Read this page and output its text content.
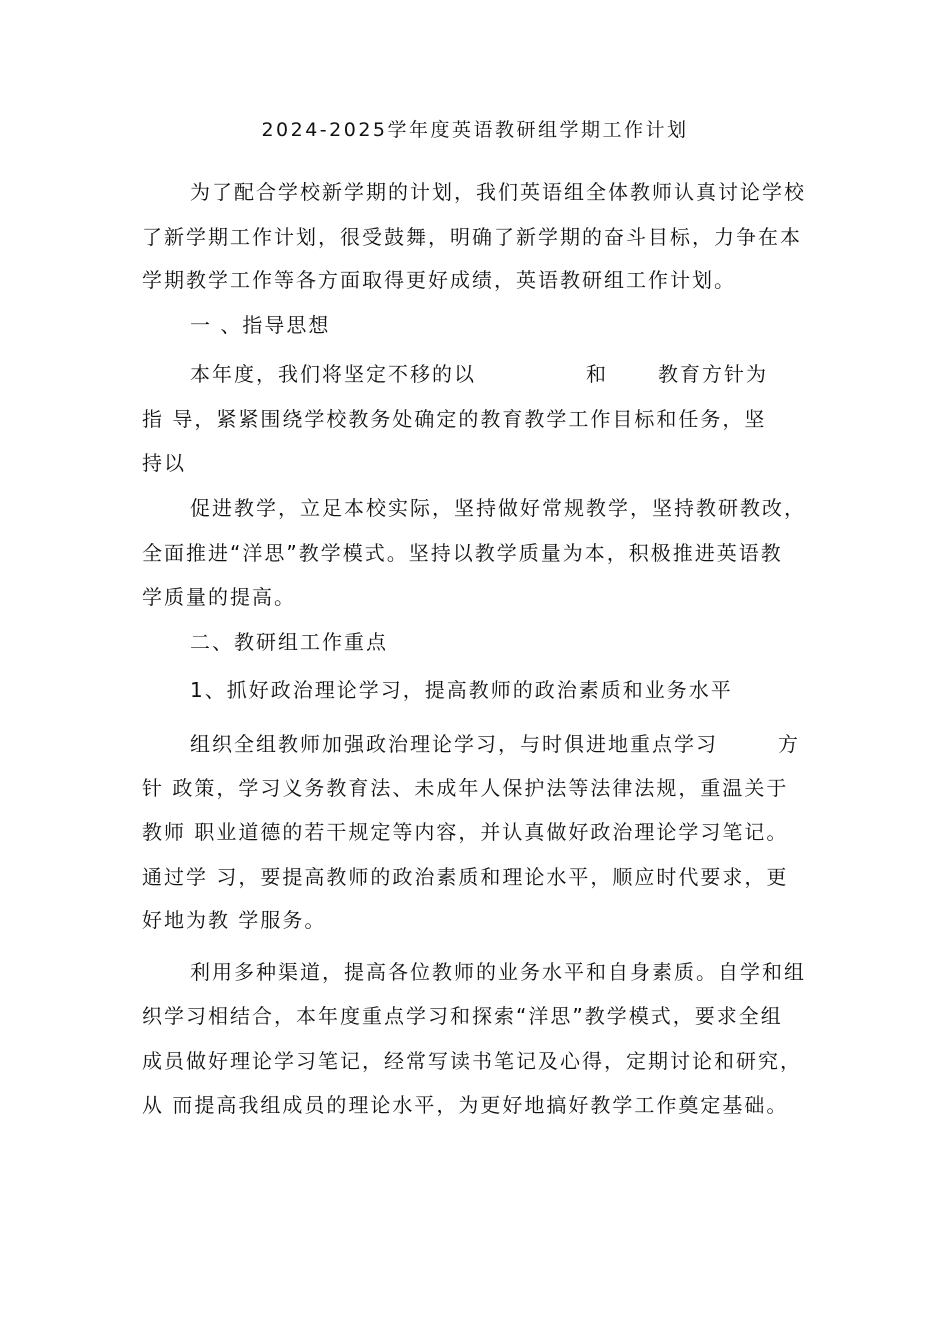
2024-2025学年度英语教研组学期工作计划
为了配合学校新学期的计划，我们英语组全体教师认真讨论学校
了新学期工作计划，很受鼓舞，明确了新学期的奋斗目标，力争在本
学期教学工作等各方面取得更好成绩，英语教研组工作计划。
一 、指导思想
本年度，我们将坚定不移的以	和	教育方针为
指 导，紧紧围绕学校教务处确定的教育教学工作目标和任务，坚
持以
促进教学，立足本校实际，坚持做好常规教学，坚持教研教改，
全面推进“洋思”教学模式。坚持以教学质量为本，积极推进英语教
学质量的提高。
二、教研组工作重点
1、抓好政治理论学习，提高教师的政治素质和业务水平
组织全组教师加强政治理论学习，与时俱进地重点学习	方
针 政策，学习义务教育法、未成年人保护法等法律法规，重温关于
教师 职业道德的若干规定等内容，并认真做好政治理论学习笔记。
通过学 习，要提高教师的政治素质和理论水平，顺应时代要求，更
好地为教 学服务。
利用多种渠道，提高各位教师的业务水平和自身素质。自学和组
织学习相结合，本年度重点学习和探索“洋思”教学模式，要求全组
成员做好理论学习笔记，经常写读书笔记及心得，定期讨论和研究，
从 而提高我组成员的理论水平，为更好地搞好教学工作奠定基础。
